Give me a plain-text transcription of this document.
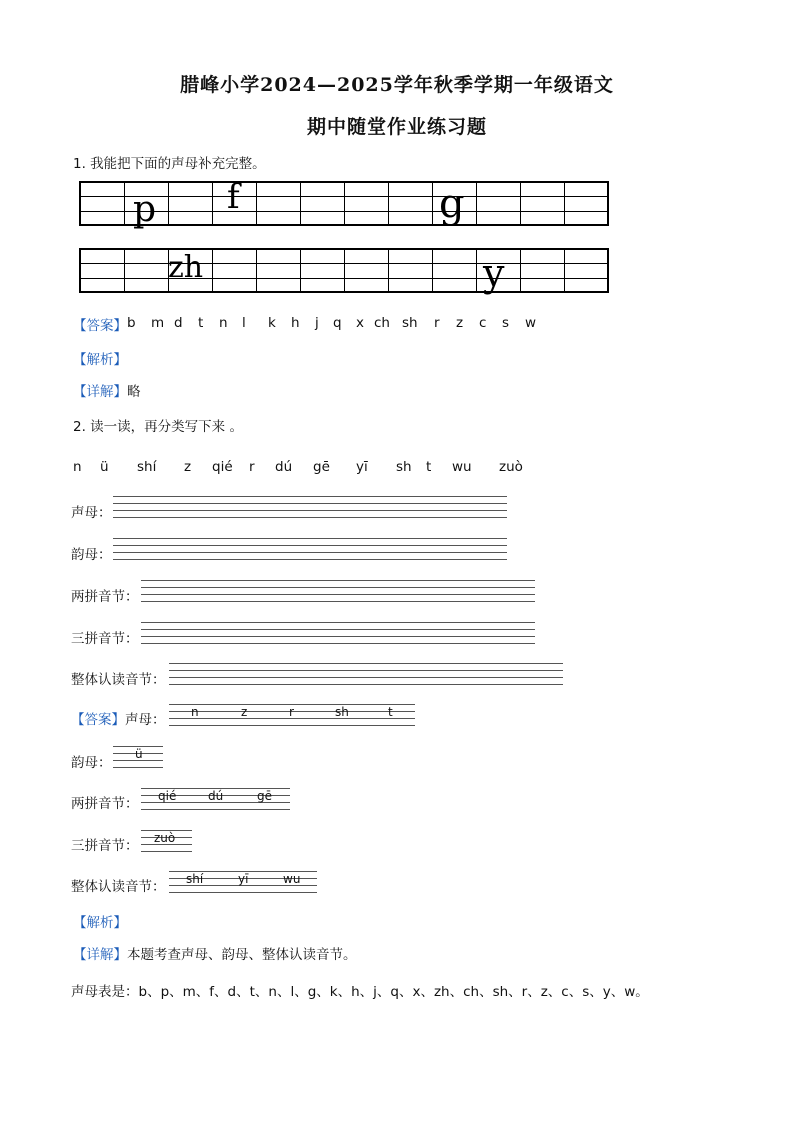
腊峰小学2024—2025学年秋季学期一年级语文
期中随堂作业练习题
1. 我能把下面的声母补充完整。
p f	g
zh	y
【答案】 b m d t n l k h j q x ch sh r z c s w
【解析】
【详解】略
2. 读一读，再分类写下来 。
n ü shí z qié r dú gē yī sh t wu zuò
声母：
韵母：
两拼音节：
三拼音节：
整体认读音节：
【答案】声母： n	z	r	sh	t
韵母：
ü
两拼音节： qié	dú	gē
三拼音节： zuò
整体认读音节： shí	yī	wu
【解析】
【详解】本题考查声母、韵母、整体认读音节。
声母表是：b、p、m、f、d、t、n、l、g、k、h、j、q、x、zh、ch、sh、r、z、c、s、y、w。
